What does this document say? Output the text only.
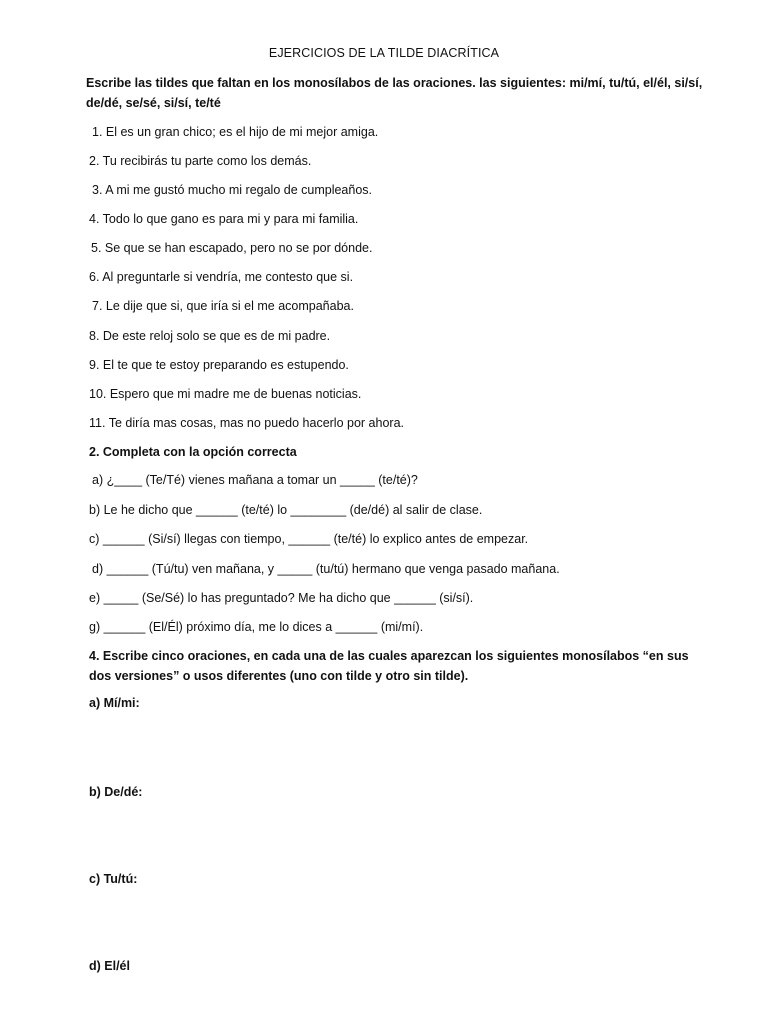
EJERCICIOS DE LA TILDE DIACRÍTICA
Escribe las tildes que faltan en los monosílabos de las oraciones. las siguientes: mi/mí, tu/tú, el/él, si/sí, de/dé, se/sé, si/sí, te/té
1. El es un gran chico; es el hijo de mi mejor amiga.
2. Tu recibirás tu parte como los demás.
3. A mi me gustó mucho mi regalo de cumpleaños.
4. Todo lo que gano es para mi y para mi familia.
5. Se que se han escapado, pero no se por dónde.
6. Al preguntarle si vendría, me contesto que si.
7. Le dije que si, que iría si el me acompañaba.
8. De este reloj solo se que es de mi padre.
9. El te que te estoy preparando es estupendo.
10. Espero que mi madre me de buenas noticias.
11. Te diría mas cosas, mas no puedo hacerlo por ahora.
2. Completa con la opción correcta
a) ¿____ (Te/Té) vienes mañana a tomar un _____ (te/té)?
b) Le he dicho que ______ (te/té) lo ________ (de/dé) al salir de clase.
c) ______ (Si/sí) llegas con tiempo, ______ (te/té) lo explico antes de empezar.
d) ______ (Tú/tu) ven mañana, y _____ (tu/tú) hermano que venga pasado mañana.
e) _____ (Se/Sé) lo has preguntado? Me ha dicho que ______ (si/sí).
g) ______ (El/Él) próximo día, me lo dices a ______ (mi/mí).
4. Escribe cinco oraciones, en cada una de las cuales aparezcan los siguientes monosílabos “en sus dos versiones” o usos diferentes (uno con tilde y otro sin tilde).
a) Mí/mi:
b) De/dé:
c) Tu/tú:
d) El/él
